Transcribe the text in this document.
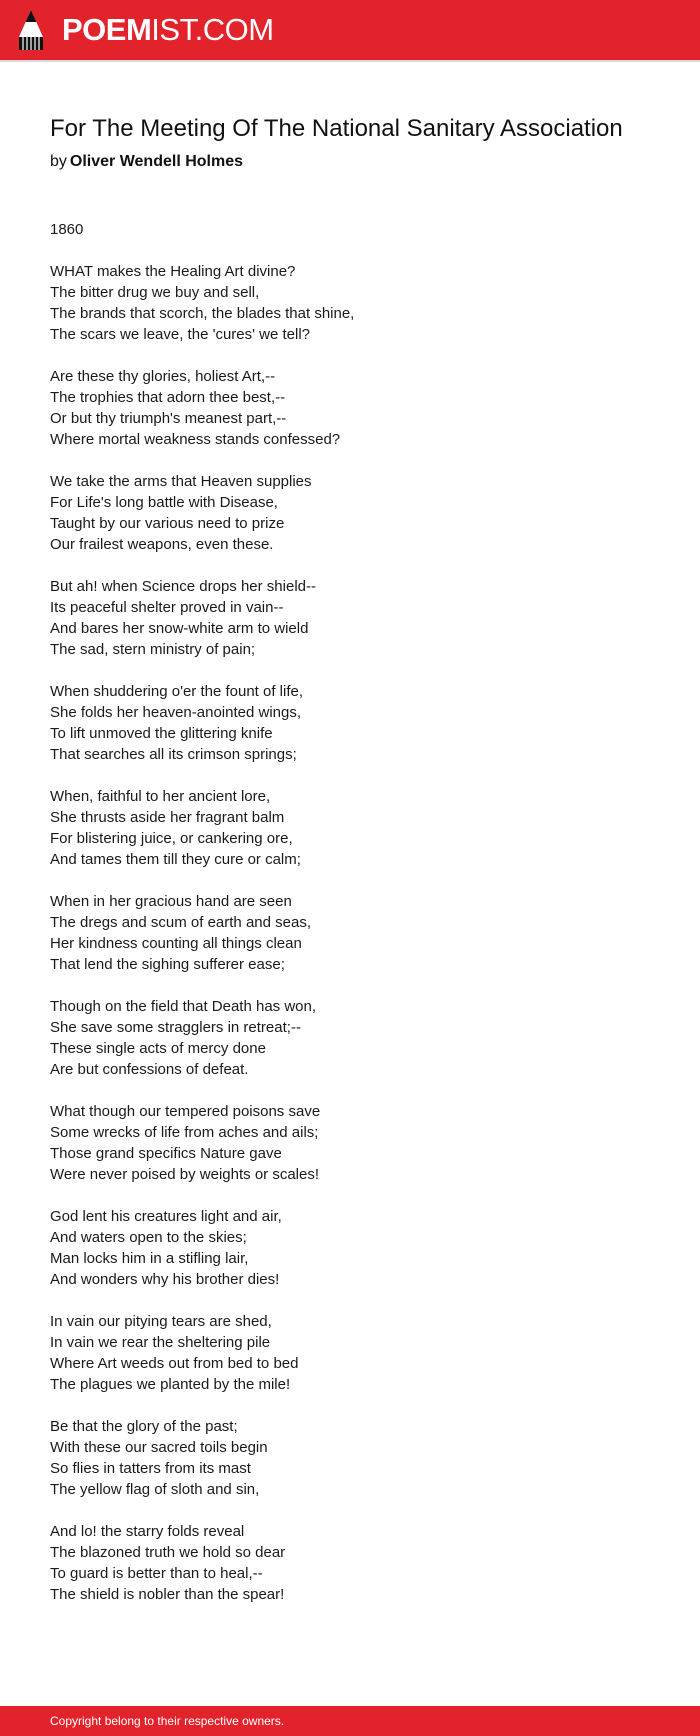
POEMIST.COM
For The Meeting Of The National Sanitary Association
by Oliver Wendell Holmes
1860
WHAT makes the Healing Art divine?
The bitter drug we buy and sell,
The brands that scorch, the blades that shine,
The scars we leave, the 'cures' we tell?
Are these thy glories, holiest Art,--
The trophies that adorn thee best,--
Or but thy triumph's meanest part,--
Where mortal weakness stands confessed?
We take the arms that Heaven supplies
For Life's long battle with Disease,
Taught by our various need to prize
Our frailest weapons, even these.
But ah! when Science drops her shield--
Its peaceful shelter proved in vain--
And bares her snow-white arm to wield
The sad, stern ministry of pain;
When shuddering o'er the fount of life,
She folds her heaven-anointed wings,
To lift unmoved the glittering knife
That searches all its crimson springs;
When, faithful to her ancient lore,
She thrusts aside her fragrant balm
For blistering juice, or cankering ore,
And tames them till they cure or calm;
When in her gracious hand are seen
The dregs and scum of earth and seas,
Her kindness counting all things clean
That lend the sighing sufferer ease;
Though on the field that Death has won,
She save some stragglers in retreat;--
These single acts of mercy done
Are but confessions of defeat.
What though our tempered poisons save
Some wrecks of life from aches and ails;
Those grand specifics Nature gave
Were never poised by weights or scales!
God lent his creatures light and air,
And waters open to the skies;
Man locks him in a stifling lair,
And wonders why his brother dies!
In vain our pitying tears are shed,
In vain we rear the sheltering pile
Where Art weeds out from bed to bed
The plagues we planted by the mile!
Be that the glory of the past;
With these our sacred toils begin
So flies in tatters from its mast
The yellow flag of sloth and sin,
And lo! the starry folds reveal
The blazoned truth we hold so dear
To guard is better than to heal,--
The shield is nobler than the spear!
Copyright belong to their respective owners.
